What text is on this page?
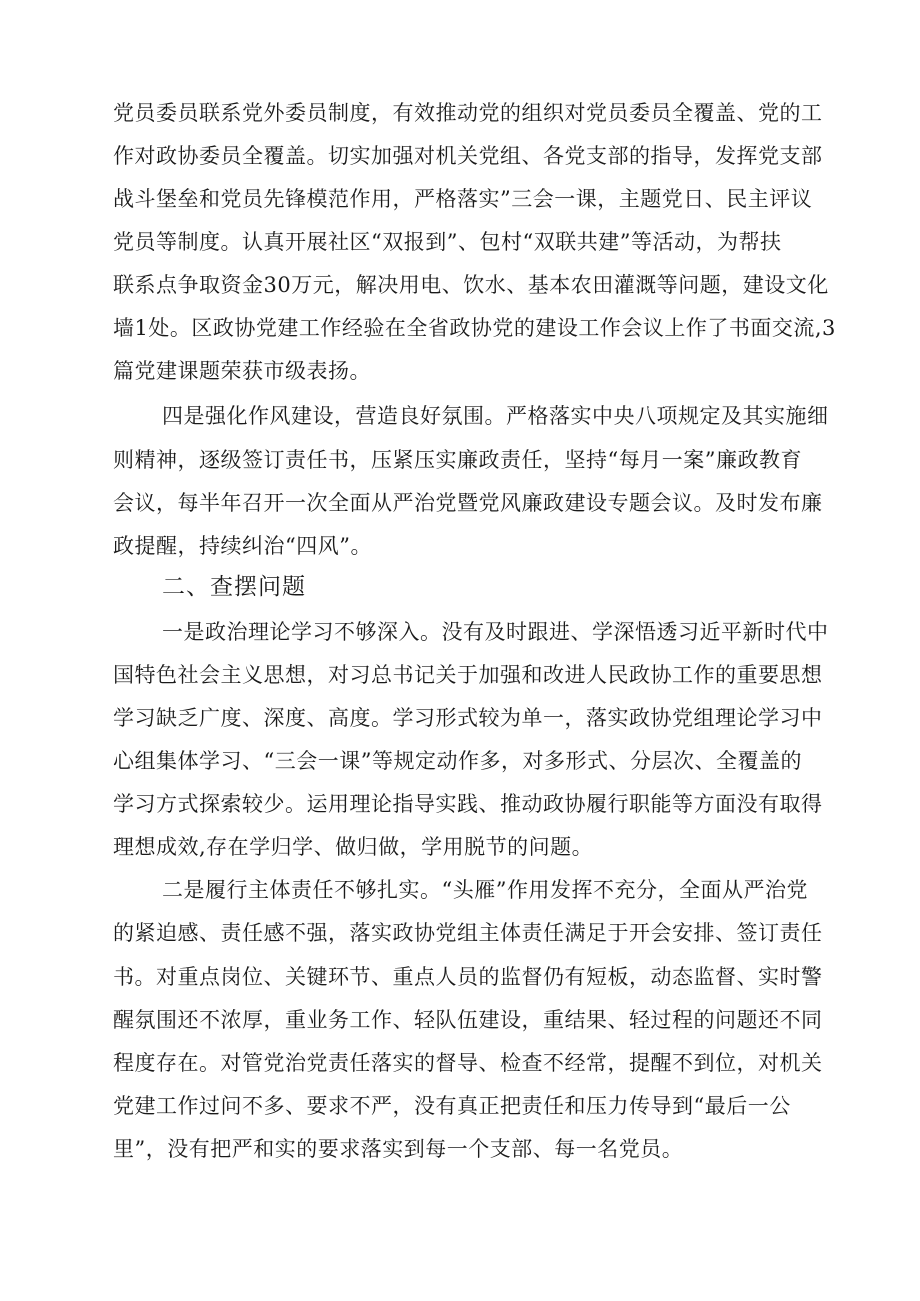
党员委员联系党外委员制度，有效推动党的组织对党员委员全覆盖、党的工
作对政协委员全覆盖。切实加强对机关党组、各党支部的指导，发挥党支部
战斗堡垒和党员先锋模范作用，严格落实”三会一课，主题党日、民主评议
党员等制度。认真开展社区“双报到”、包村“双联共建”等活动，为帮扶
联系点争取资金30万元，解决用电、饮水、基本农田灌溉等问题，建设文化
墙1处。区政协党建工作经验在全省政协党的建设工作会议上作了书面交流,3
篇党建课题荣获市级表扬。
四是强化作风建设，营造良好氛围。严格落实中央八项规定及其实施细
则精神，逐级签订责任书，压紧压实廉政责任，坚持“每月一案”廉政教育
会议，每半年召开一次全面从严治党暨党风廉政建设专题会议。及时发布廉
政提醒，持续纠治“四风”。
二、查摆问题
一是政治理论学习不够深入。没有及时跟进、学深悟透习近平新时代中
国特色社会主义思想，对习总书记关于加强和改进人民政协工作的重要思想
学习缺乏广度、深度、高度。学习形式较为单一，落实政协党组理论学习中
心组集体学习、“三会一课”等规定动作多，对多形式、分层次、全覆盖的
学习方式探索较少。运用理论指导实践、推动政协履行职能等方面没有取得
理想成效,存在学归学、做归做，学用脱节的问题。
二是履行主体责任不够扎实。“头雁”作用发挥不充分，全面从严治党
的紧迫感、责任感不强，落实政协党组主体责任满足于开会安排、签订责任
书。对重点岗位、关键环节、重点人员的监督仍有短板，动态监督、实时警
醒氛围还不浓厚，重业务工作、轻队伍建设，重结果、轻过程的问题还不同
程度存在。对管党治党责任落实的督导、检查不经常，提醒不到位，对机关
党建工作过问不多、要求不严，没有真正把责任和压力传导到“最后一公
里”，没有把严和实的要求落实到每一个支部、每一名党员。
